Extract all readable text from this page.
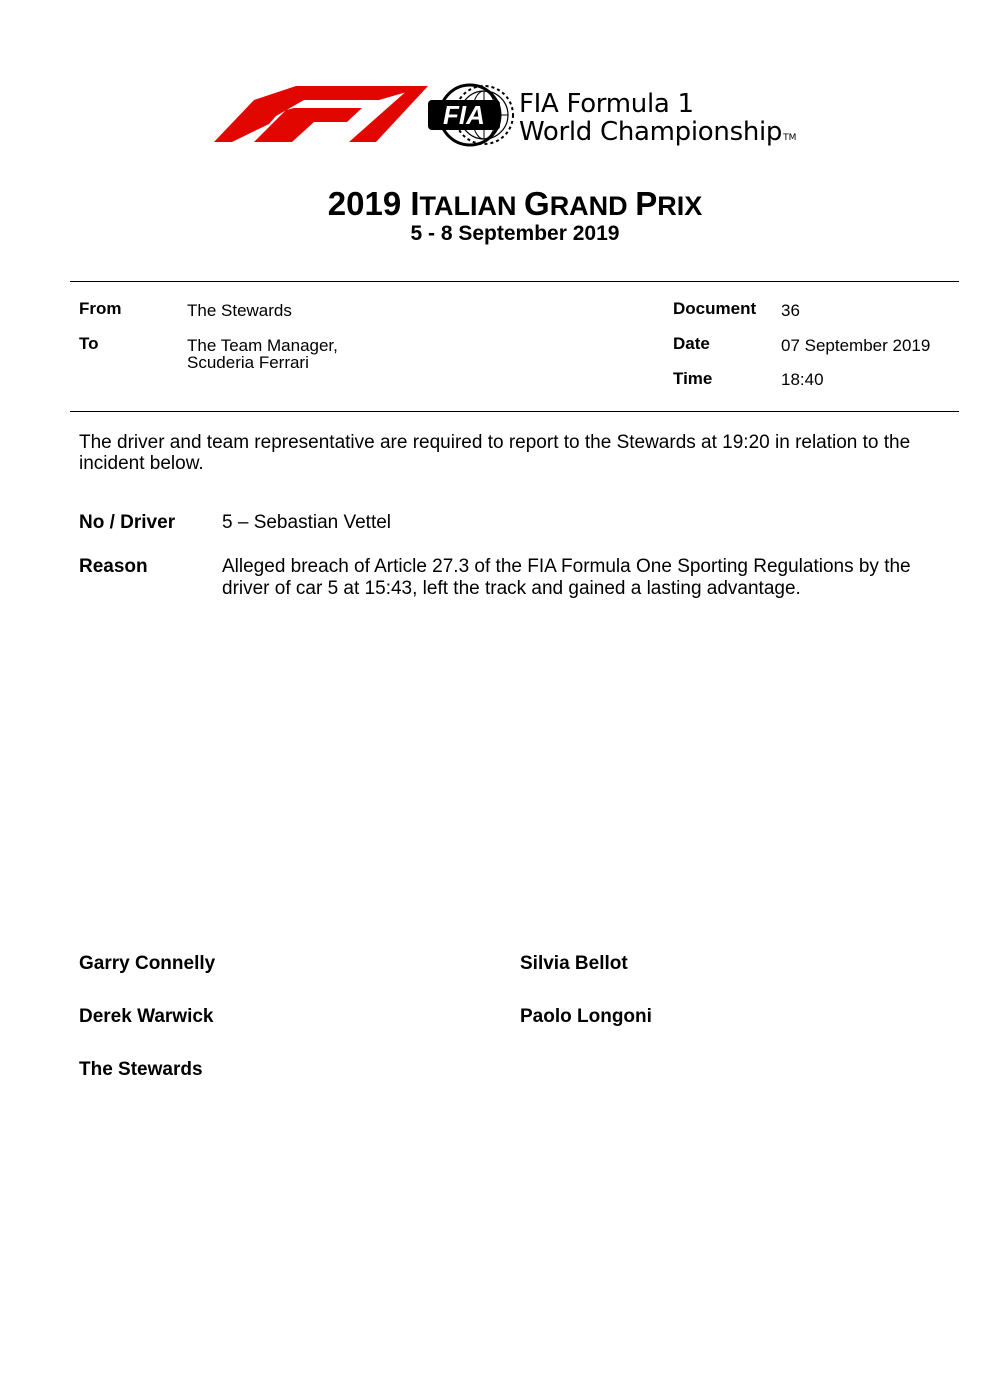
FIA FIA Formula 1
World ChampionshipTM
2019 ITALIAN GRAND PRIX
5 - 8 September 2019
From	The Stewards
To	The Team Manager,
Scuderia Ferrari
Document 36
Date	07 September 2019
Time	18:40
The driver and team representative are required to report to the Stewards at 19:20 in relation to the incident below.
No / Driver 5 – Sebastian Vettel
Reason	Alleged breach of Article 27.3 of the FIA Formula One Sporting Regulations by the driver of car 5 at 15:43, left the track and gained a lasting advantage.
Garry Connelly	Silvia Bellot
Derek Warwick	Paolo Longoni
The Stewards
